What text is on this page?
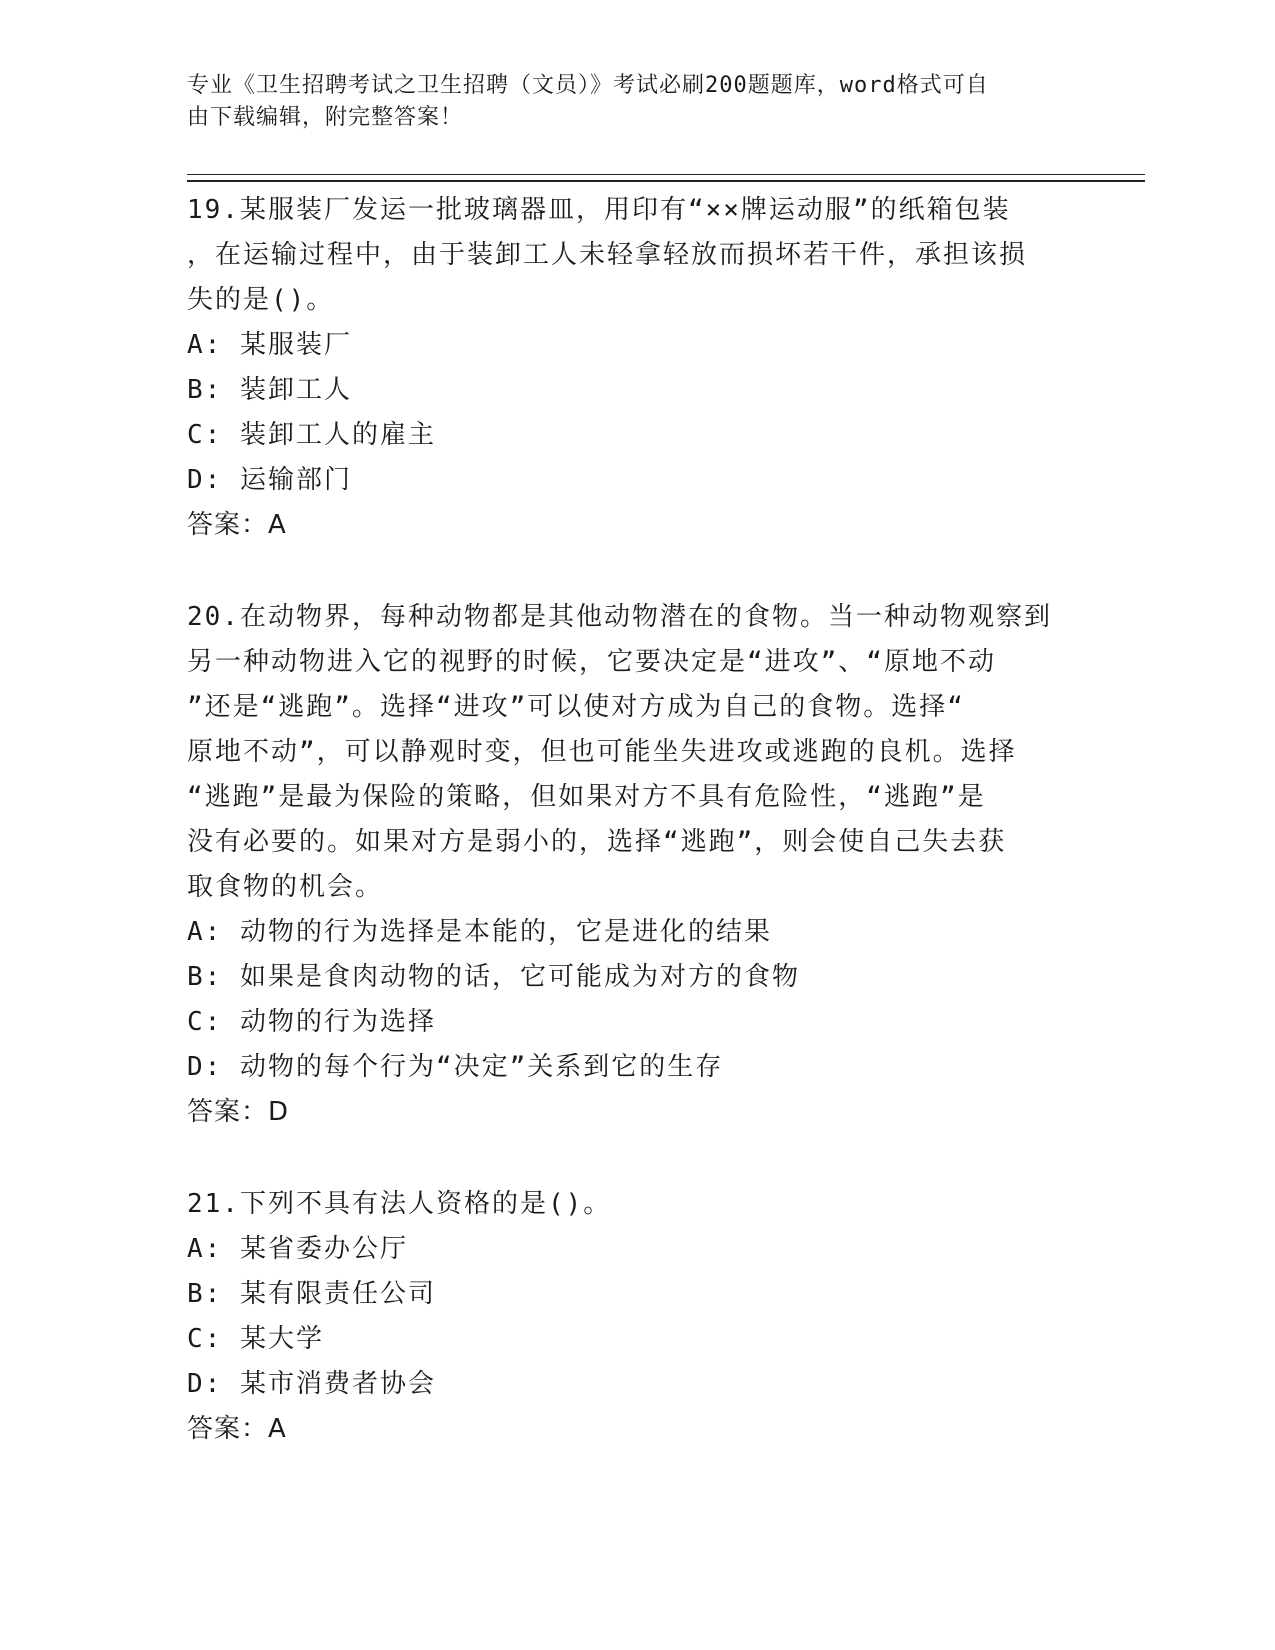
专业《卫生招聘考试之卫生招聘（文员）》考试必刷200题题库，word格式可自
由下载编辑，附完整答案！

19.某服装厂发运一批玻璃器皿，用印有“××牌运动服”的纸箱包装

，在运输过程中，由于装卸工人未轻拿轻放而损坏若干件，承担该损

失的是()。

A: 某服装厂

B: 装卸工人

C: 装卸工人的雇主

D: 运输部门

答案：A

20.在动物界，每种动物都是其他动物潜在的食物。当一种动物观察到

另一种动物进入它的视野的时候，它要决定是“进攻”、“原地不动

”还是“逃跑”。选择“进攻”可以使对方成为自己的食物。选择“

原地不动”，可以静观时变，但也可能坐失进攻或逃跑的良机。选择

“逃跑”是最为保险的策略，但如果对方不具有危险性，“逃跑”是

没有必要的。如果对方是弱小的，选择“逃跑”，则会使自己失去获

取食物的机会。

A: 动物的行为选择是本能的，它是进化的结果

B: 如果是食肉动物的话，它可能成为对方的食物

C: 动物的行为选择

D: 动物的每个行为“决定”关系到它的生存

答案：D

21.下列不具有法人资格的是()。

A: 某省委办公厅

B: 某有限责任公司

C: 某大学

D: 某市消费者协会

答案：A
